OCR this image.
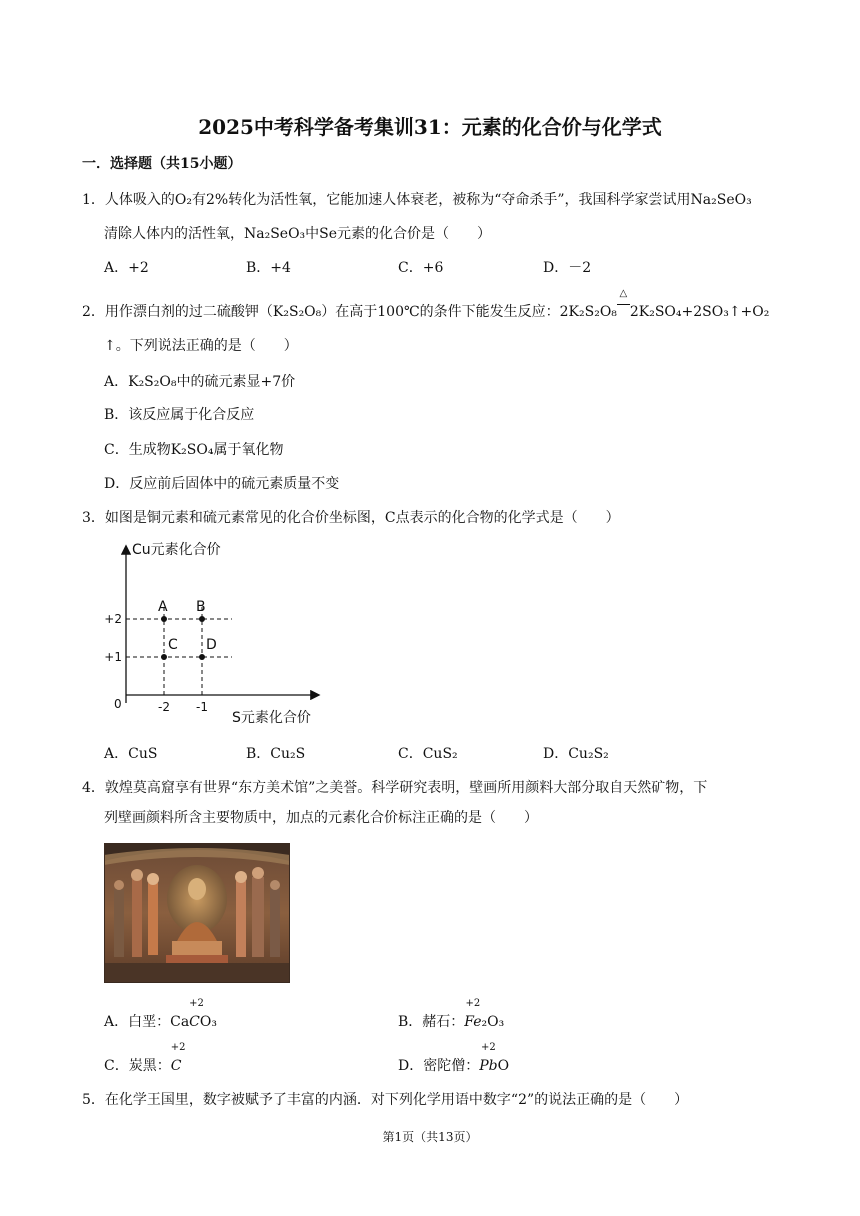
2025中考科学备考集训31：元素的化合价与化学式
一．选择题（共15小题）
1．人体吸入的O₂有2%转化为活性氧，它能加速人体衰老，被称为“夺命杀手”，我国科学家尝试用Na₂SeO₃
清除人体内的活性氧，Na₂SeO₃中Se元素的化合价是（　　）
A．+2	B．+4	C．+6	D．－2
2．用作漂白剂的过二硫酸钾（K₂S₂O₈）在高于100℃的条件下能发生反应：2K₂S₂O₈
△
2K₂SO₄+2SO₃↑+O₂
↑。下列说法正确的是（　　）
A．K₂S₂O₈中的硫元素显+7价
B．该反应属于化合反应
C．生成物K₂SO₄属于氧化物
D．反应前后固体中的硫元素质量不变
3．如图是铜元素和硫元素常见的化合价坐标图，C点表示的化合物的化学式是（　　）
Cu元素化合价
S元素化合价
0	-2 -1
+2
+1
A B
C D
A．CuS	B．Cu₂S	C．CuS₂	D．Cu₂S₂
4．敦煌莫高窟享有世界“东方美术馆”之美誉。科学研究表明，壁画所用颜料大部分取自天然矿物，下
列壁画颜料所含主要物质中，加点的元素化合价标注正确的是（　　）
A．白垩：Ca
+2
CO₃	B．赭石：
+2
Fe₂O₃
C．炭黑：
+2
C	D．密陀僧：
+2
PbO
5．在化学王国里，数字被赋予了丰富的内涵．对下列化学用语中数字“2”的说法正确的是（　　）
第1页（共13页）
